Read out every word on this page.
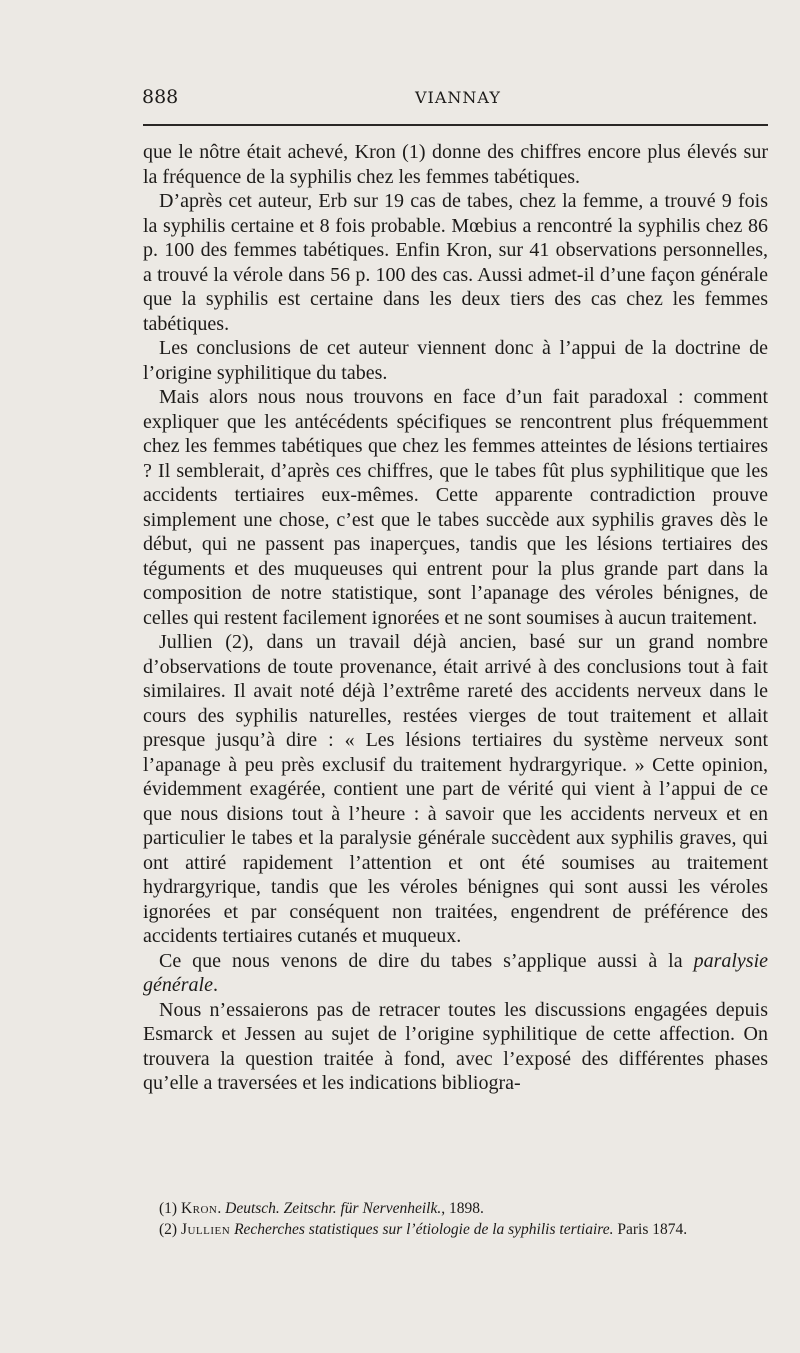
888	VIANNAY

que le nôtre était achevé, Kron (1) donne des chiffres encore plus élevés sur la fréquence de la syphilis chez les femmes tabétiques.

D’après cet auteur, Erb sur 19 cas de tabes, chez la femme, a trouvé 9 fois la syphilis certaine et 8 fois probable. Mœbius a rencontré la syphilis chez 86 p. 100 des femmes tabétiques. Enfin Kron, sur 41 observations personnelles, a trouvé la vérole dans 56 p. 100 des cas. Aussi admet-il d’une façon générale que la syphilis est certaine dans les deux tiers des cas chez les femmes tabétiques.

Les conclusions de cet auteur viennent donc à l’appui de la doctrine de l’origine syphilitique du tabes.

Mais alors nous nous trouvons en face d’un fait paradoxal : comment expliquer que les antécédents spécifiques se rencontrent plus fréquemment chez les femmes tabétiques que chez les femmes atteintes de lésions tertiaires ? Il semblerait, d’après ces chiffres, que le tabes fût plus syphilitique que les accidents tertiaires eux-mêmes. Cette apparente contradiction prouve simplement une chose, c’est que le tabes succède aux syphilis graves dès le début, qui ne passent pas inaperçues, tandis que les lésions tertiaires des téguments et des muqueuses qui entrent pour la plus grande part dans la composition de notre statistique, sont l’apanage des véroles bénignes, de celles qui restent facilement ignorées et ne sont soumises à aucun traitement.

Jullien (2), dans un travail déjà ancien, basé sur un grand nombre d’observations de toute provenance, était arrivé à des conclusions tout à fait similaires. Il avait noté déjà l’extrême rareté des accidents nerveux dans le cours des syphilis naturelles, restées vierges de tout traitement et allait presque jusqu’à dire : « Les lésions tertiaires du système nerveux sont l’apanage à peu près exclusif du traitement hydrargyrique. » Cette opinion, évidemment exagérée, contient une part de vérité qui vient à l’appui de ce que nous disions tout à l’heure : à savoir que les accidents nerveux et en particulier le tabes et la paralysie générale succèdent aux syphilis graves, qui ont attiré rapidement l’attention et ont été soumises au traitement hydrargyrique, tandis que les véroles bénignes qui sont aussi les véroles ignorées et par conséquent non traitées, engendrent de préférence des accidents tertiaires cutanés et muqueux.

Ce que nous venons de dire du tabes s’applique aussi à la paralysie générale.

Nous n’essaierons pas de retracer toutes les discussions engagées depuis Esmarck et Jessen au sujet de l’origine syphilitique de cette affection. On trouvera la question traitée à fond, avec l’exposé des différentes phases qu’elle a traversées et les indications bibliogra-

(1) Kron. Deutsch. Zeitschr. für Nervenheilk., 1898.

(2) Jullien Recherches statistiques sur l’étiologie de la syphilis tertiaire. Paris 1874.
